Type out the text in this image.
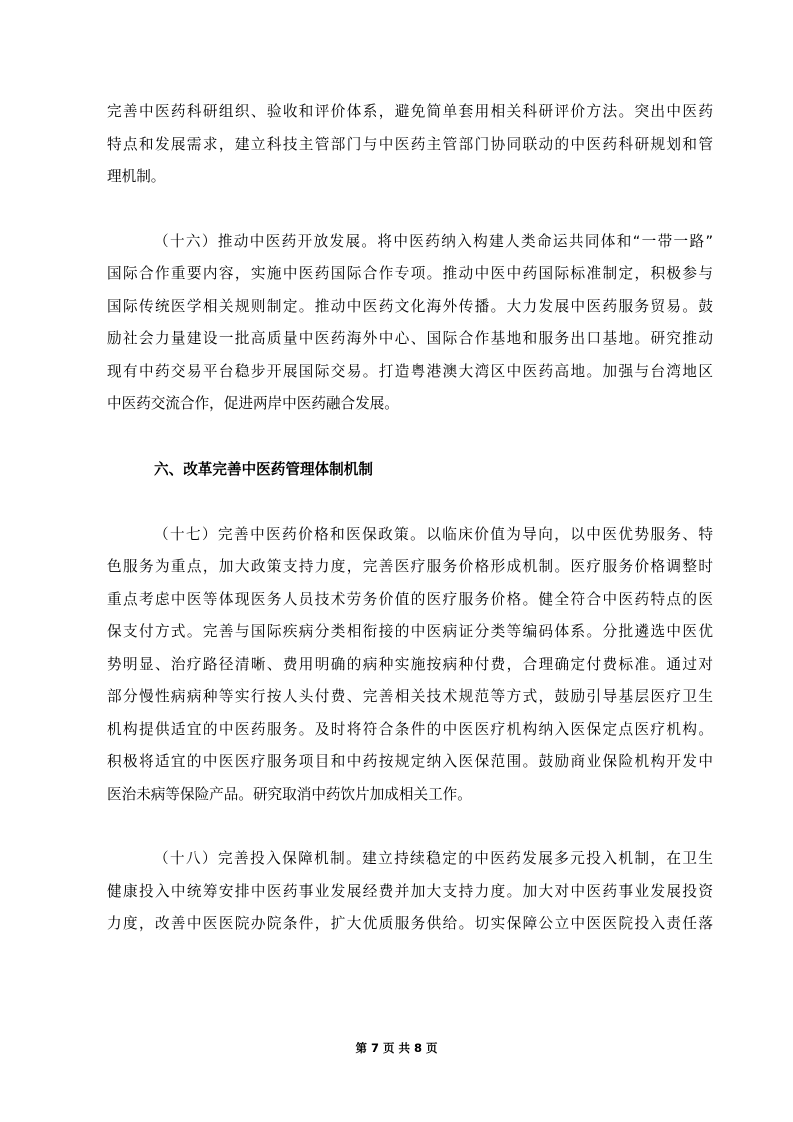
完善中医药科研组织、验收和评价体系，避免简单套用相关科研评价方法。突出中医药
特点和发展需求，建立科技主管部门与中医药主管部门协同联动的中医药科研规划和管
理机制。
（十六）推动中医药开放发展。将中医药纳入构建人类命运共同体和“一带一路”
国际合作重要内容，实施中医药国际合作专项。推动中医中药国际标准制定，积极参与
国际传统医学相关规则制定。推动中医药文化海外传播。大力发展中医药服务贸易。鼓
励社会力量建设一批高质量中医药海外中心、国际合作基地和服务出口基地。研究推动
现有中药交易平台稳步开展国际交易。打造粤港澳大湾区中医药高地。加强与台湾地区
中医药交流合作，促进两岸中医药融合发展。
六、改革完善中医药管理体制机制
（十七）完善中医药价格和医保政策。以临床价值为导向，以中医优势服务、特
色服务为重点，加大政策支持力度，完善医疗服务价格形成机制。医疗服务价格调整时
重点考虑中医等体现医务人员技术劳务价值的医疗服务价格。健全符合中医药特点的医
保支付方式。完善与国际疾病分类相衔接的中医病证分类等编码体系。分批遴选中医优
势明显、治疗路径清晰、费用明确的病种实施按病种付费，合理确定付费标准。通过对
部分慢性病病种等实行按人头付费、完善相关技术规范等方式，鼓励引导基层医疗卫生
机构提供适宜的中医药服务。及时将符合条件的中医医疗机构纳入医保定点医疗机构。
积极将适宜的中医医疗服务项目和中药按规定纳入医保范围。鼓励商业保险机构开发中
医治未病等保险产品。研究取消中药饮片加成相关工作。
（十八）完善投入保障机制。建立持续稳定的中医药发展多元投入机制，在卫生
健康投入中统筹安排中医药事业发展经费并加大支持力度。加大对中医药事业发展投资
力度，改善中医医院办院条件，扩大优质服务供给。切实保障公立中医医院投入责任落
第 7 页 共 8 页
